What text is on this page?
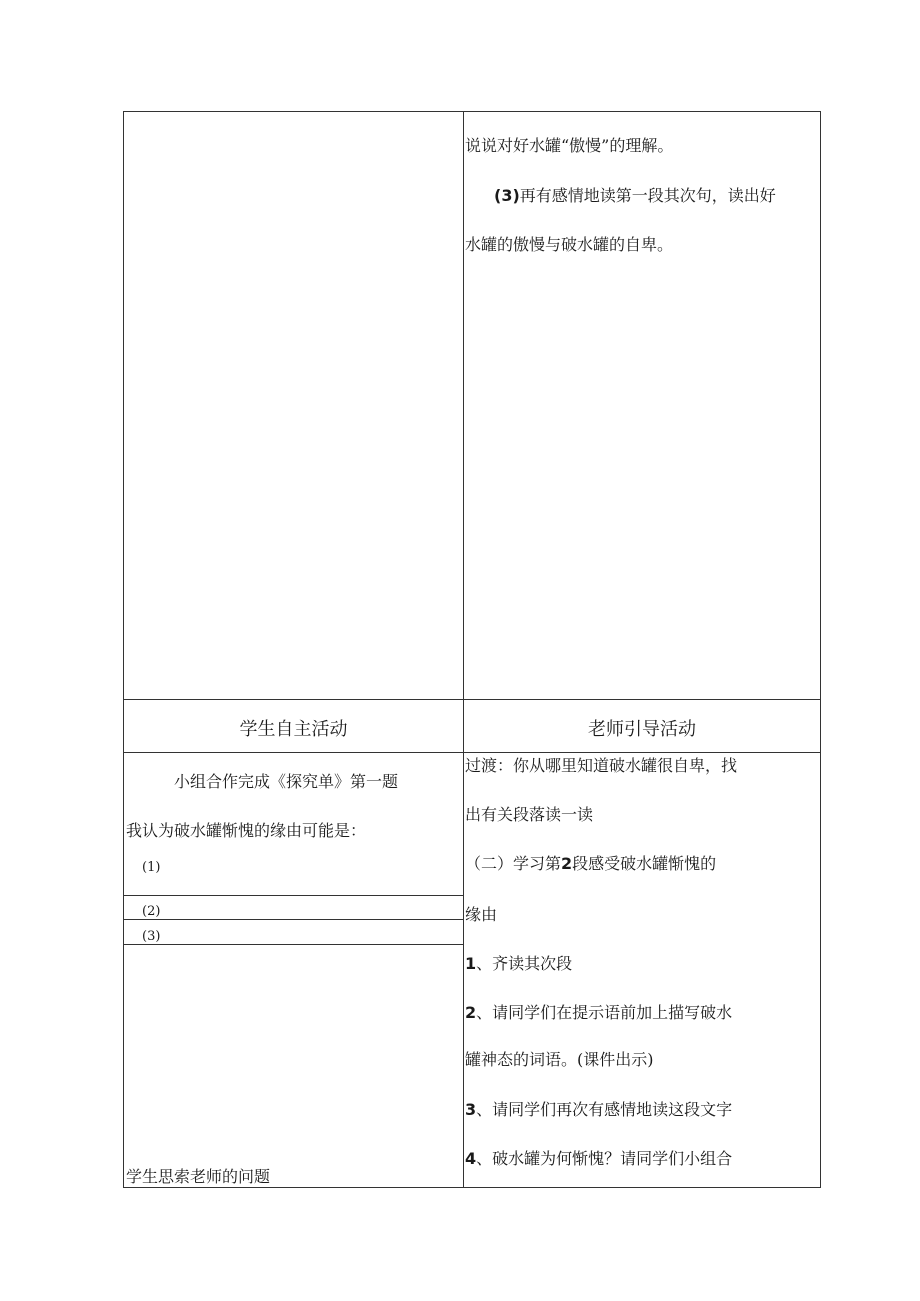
说说对好水罐“傲慢”的理解。
(3)再有感情地读第一段其次句，读出好
水罐的傲慢与破水罐的自卑。
学生自主活动	老师引导活动
小组合作完成《探究单》第一题
我认为破水罐惭愧的缘由可能是：
(1)
(2)
(3)
学生思索老师的问题
过渡：你从哪里知道破水罐很自卑，找
出有关段落读一读
（二）学习第2段感受破水罐惭愧的
缘由
1、齐读其次段
2、请同学们在提示语前加上描写破水
罐神态的词语。(课件出示)
3、请同学们再次有感情地读这段文字
4、破水罐为何惭愧？请同学们小组合
